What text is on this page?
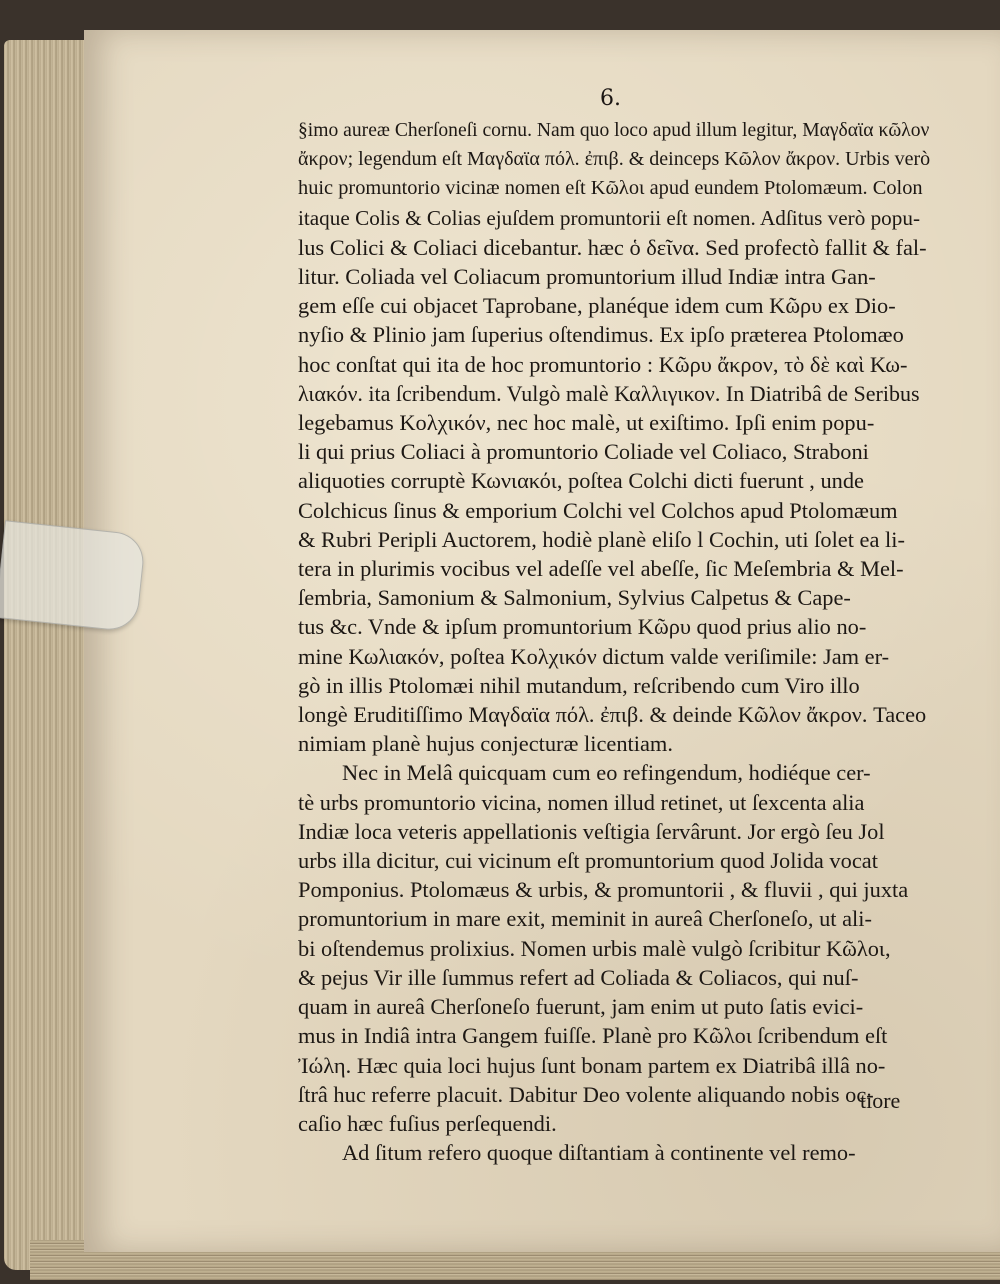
6.
§imo aureæ Cherſoneſi cornu. Nam quo loco apud illum legitur, Μαγδαϊα κῶλον
ἄκρον; legendum eſt Μαγδαϊα πόλ. ἐπιβ. & deinceps Κῶλον ἄκρον. Urbis verò
huic promuntorio vicinæ nomen eſt Κῶλοι apud eundem Ptolomæum. Colon
itaque Colis & Colias ejuſdem promuntorii eſt nomen. Adſitus verò popu-
lus Colici & Coliaci dicebantur. hæc ὁ δεῖνα. Sed profectò fallit & fal-
litur. Coliada vel Coliacum promuntorium illud Indiæ intra Gan-
gem eſſe cui objacet Taprobane, planéque idem cum Κῶρυ ex Dio-
nyſio & Plinio jam ſuperius oſtendimus. Ex ipſo præterea Ptolomæo
hoc conſtat qui ita de hoc promuntorio : Κῶρυ ἄκρον, τὸ δὲ καὶ Κω-
λιακόν. ita ſcribendum. Vulgò malè Καλλιγικον. In Diatribâ de Seribus
legebamus Κολχικόν, nec hoc malè, ut exiſtimo. Ipſi enim popu-
li qui prius Coliaci à promuntorio Coliade vel Coliaco, Straboni
aliquoties corruptè Κωνιακόι, poſtea Colchi dicti fuerunt , unde
Colchicus ſinus & emporium Colchi vel Colchos apud Ptolomæum
& Rubri Peripli Auctorem, hodiè planè eliſo l Cochin, uti ſolet ea li-
tera in plurimis vocibus vel adeſſe vel abeſſe, ſic Meſembria & Mel-
ſembria, Samonium & Salmonium, Sylvius Calpetus & Cape-
tus &c. Vnde & ipſum promuntorium Κῶρυ quod prius alio no-
mine Κωλιακόν, poſtea Κολχικόν dictum valde veriſimile: Jam er-
gò in illis Ptolomæi nihil mutandum, reſcribendo cum Viro illo
longè Eruditiſſimo Μαγδαϊα πόλ. ἐπιβ. & deinde Κῶλον ἄκρον. Taceo
nimiam planè hujus conjecturæ licentiam.
Nec in Melâ quicquam cum eo refingendum, hodiéque cer-
tè urbs promuntorio vicina, nomen illud retinet, ut ſexcenta alia
Indiæ loca veteris appellationis veſtigia ſervârunt. Jor ergò ſeu Jol
urbs illa dicitur, cui vicinum eſt promuntorium quod Jolida vocat
Pomponius. Ptolomæus & urbis, & promuntorii , & fluvii , qui juxta
promuntorium in mare exit, meminit in aureâ Cherſoneſo, ut ali-
bi oſtendemus prolixius. Nomen urbis malè vulgò ſcribitur Κῶλοι,
& pejus Vir ille ſummus refert ad Coliada & Coliacos, qui nuſ-
quam in aureâ Cherſoneſo fuerunt, jam enim ut puto ſatis evici-
mus in Indiâ intra Gangem fuiſſe. Planè pro Κῶλοι ſcribendum eſt
Ἰώλη. Hæc quia loci hujus ſunt bonam partem ex Diatribâ illâ no-
ſtrâ huc referre placuit. Dabitur Deo volente aliquando nobis oc-
caſio hæc fuſius perſequendi.
Ad ſitum refero quoque diſtantiam à continente vel remo-
tiore
